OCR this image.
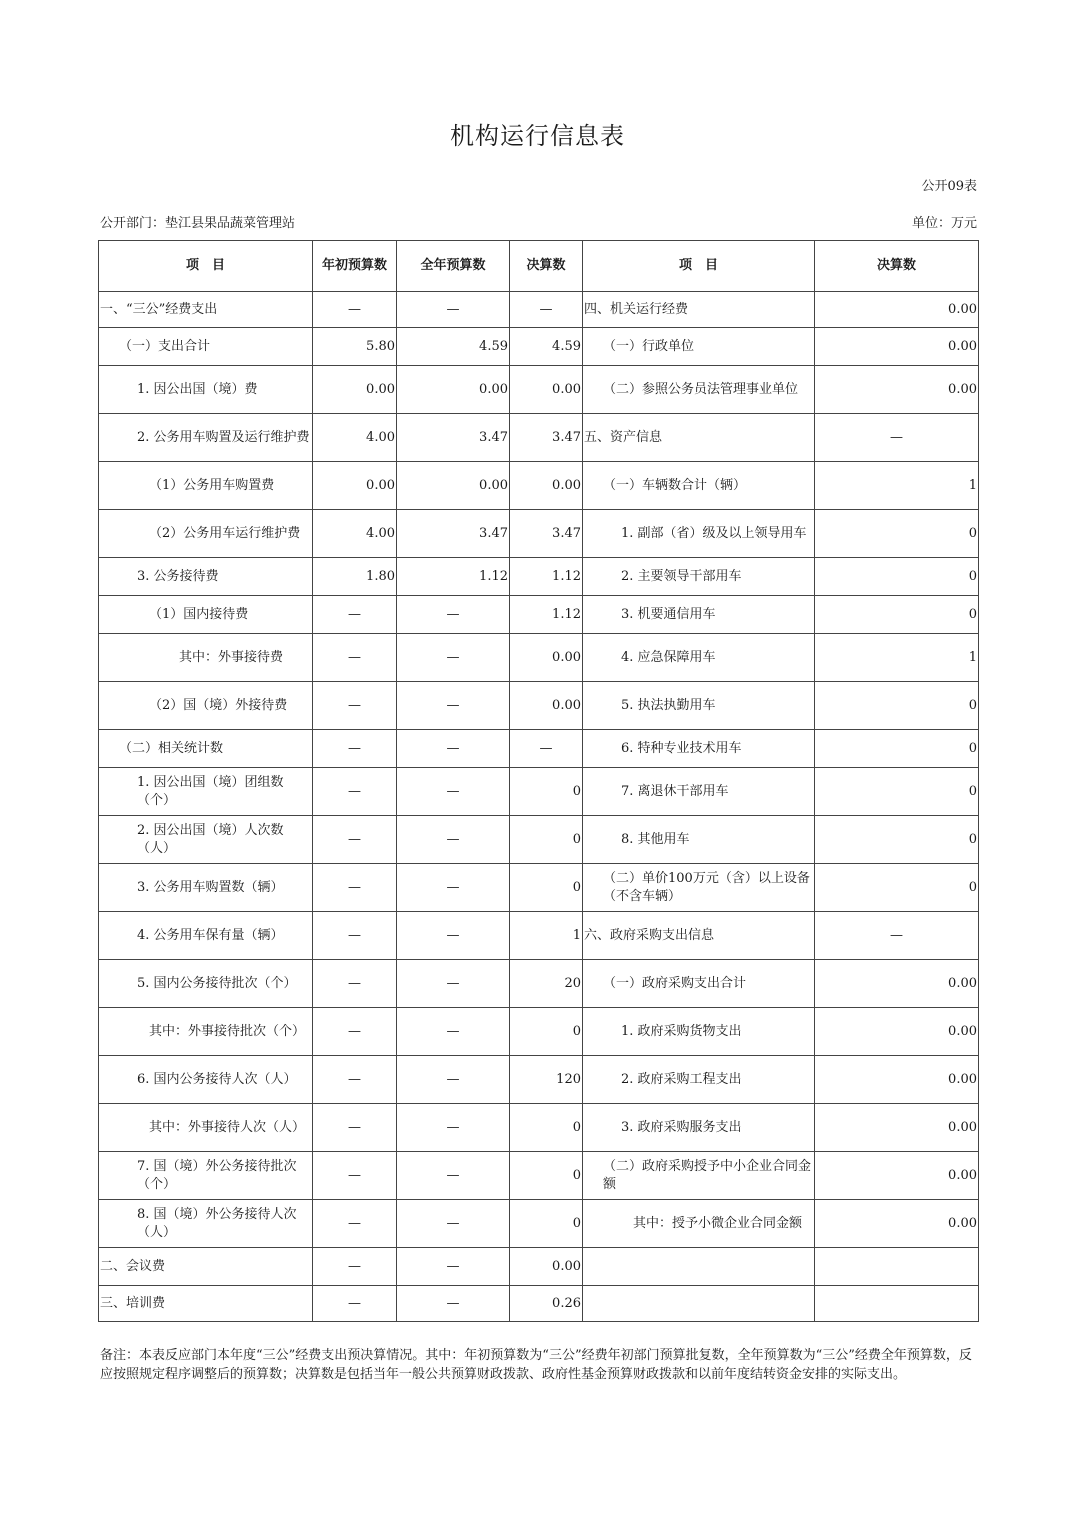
机构运行信息表
公开09表
公开部门：垫江县果品蔬菜管理站	单位：万元
项　目	年初预算数	全年预算数	决算数	项　目	决算数
一、“三公”经费支出	—	—	—	四、机关运行经费	0.00
（一）支出合计	5.80	4.59	4.59	（一）行政单位	0.00
1. 因公出国（境）费	0.00	0.00	0.00	（二）参照公务员法管理事业单位	0.00
2. 公务用车购置及运行维护费	4.00	3.47	3.47	五、资产信息	—
（1）公务用车购置费	0.00	0.00	0.00	（一）车辆数合计（辆）	1
（2）公务用车运行维护费	4.00	3.47	3.47	1. 副部（省）级及以上领导用车	0
3. 公务接待费	1.80	1.12	1.12	2. 主要领导干部用车	0
（1）国内接待费	—	—	1.12	3. 机要通信用车	0
其中：外事接待费	—	—	0.00	4. 应急保障用车	1
（2）国（境）外接待费	—	—	0.00	5. 执法执勤用车	0
（二）相关统计数	—	—	—	6. 特种专业技术用车	0
1. 因公出国（境）团组数（个）	—	—	0	7. 离退休干部用车	0
2. 因公出国（境）人次数（人）	—	—	0	8. 其他用车	0
3. 公务用车购置数（辆）	—	—	0	（二）单价100万元（含）以上设备（不含车辆）	0
4. 公务用车保有量（辆）	—	—	1	六、政府采购支出信息	—
5. 国内公务接待批次（个）	—	—	20	（一）政府采购支出合计	0.00
其中：外事接待批次（个）	—	—	0	1. 政府采购货物支出	0.00
6. 国内公务接待人次（人）	—	—	120	2. 政府采购工程支出	0.00
其中：外事接待人次（人）	—	—	0	3. 政府采购服务支出	0.00
7. 国（境）外公务接待批次（个）	—	—	0	（二）政府采购授予中小企业合同金额	0.00
8. 国（境）外公务接待人次（人）	—	—	0	其中：授予小微企业合同金额	0.00
二、会议费	—	—	0.00		
三、培训费	—	—	0.26		
备注：本表反应部门本年度“三公”经费支出预决算情况。其中：年初预算数为“三公”经费年初部门预算批复数，全年预算数为“三公”经费全年预算数，反应按照规定程序调整后的预算数；决算数是包括当年一般公共预算财政拨款、政府性基金预算财政拨款和以前年度结转资金安排的实际支出。
